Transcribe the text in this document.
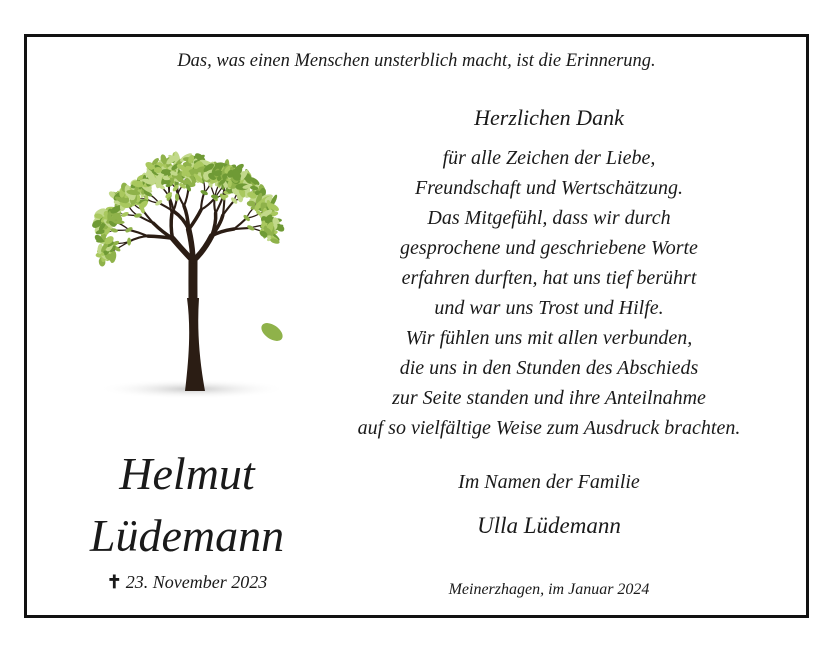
Das, was einen Menschen unsterblich macht, ist die Erinnerung.
Herzlichen Dank
für alle Zeichen der Liebe,
Freundschaft und Wertschätzung.
Das Mitgefühl, dass wir durch
gesprochene und geschriebene Worte
erfahren durften, hat uns tief berührt
und war uns Trost und Hilfe.
Wir fühlen uns mit allen verbunden,
die uns in den Stunden des Abschieds
zur Seite standen und ihre Anteilnahme
auf so vielfältige Weise zum Ausdruck brachten.
Helmut
Lüdemann
✝ 23. November 2023
Im Namen der Familie
Ulla Lüdemann
Meinerzhagen, im Januar 2024
